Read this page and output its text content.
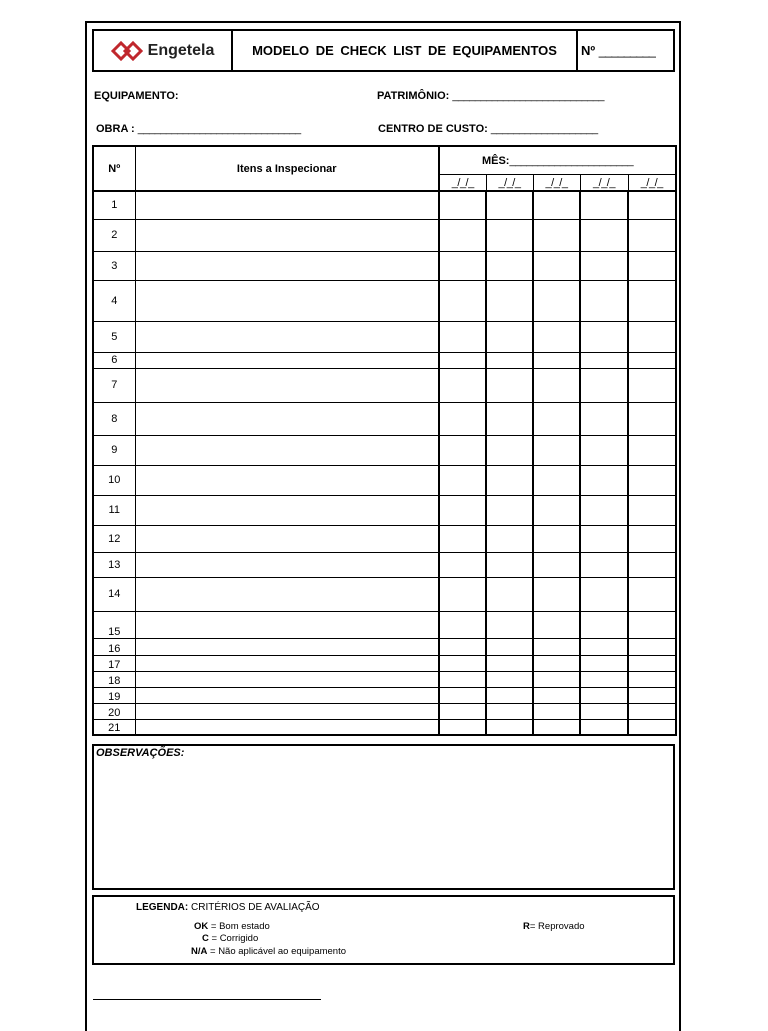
Engetela	MODELO DE CHECK LIST DE EQUIPAMENTOS	Nº
_________
EQUIPAMENTO:	PATRIMÔNIO: ___________________________
OBRA : _____________________________	CENTRO DE CUSTO: ___________________
Nº	Itens a Inspecionar	MÊS:______________________				
		_/_/_	_/_/_	_/_/_	_/_/_	_/_/_
1						
2						
3						
4						
5						
6						
7						
8						
9						
10						
11						
12						
13						
14						
15						
16						
17						
18						
19						
20						
21						
OBSERVAÇÕES:
LEGENDA: CRITÉRIOS DE AVALIAÇÃO
OK = Bom estado
C = Corrigido
N/A = Não aplicável ao equipamento
R= Reprovado
